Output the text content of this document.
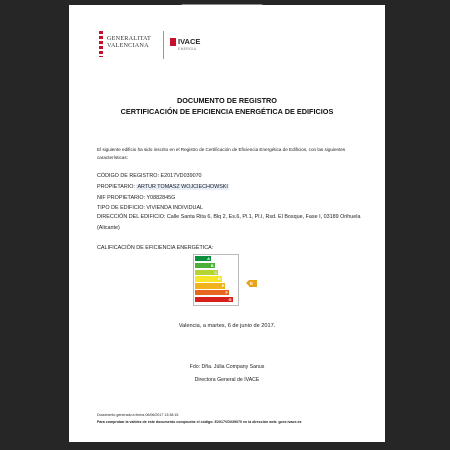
GENERALITAT
VALENCIANA	IVACE
ENERGIA
DOCUMENTO DE REGISTRO
CERTIFICACIÓN DE EFICIENCIA ENERGÉTICA DE EDIFICIOS
El siguiente edificio ha sido inscrito en el Registro de Certificación de Eficiencia Energética de Edificios, con las siguientes características:
CÓDIGO DE REGISTRO: E2017VD039070
PROPIETARIO: ARTUR TOMASZ WOJCIECHOWSKI
NIF PROPIETARIO: Y0882845G
TIPO DE EDIFICIO: VIVIENDA INDIVIDUAL
DIRECCIÓN DEL EDIFICIO: Calle Santa Rita 6, Blq 2, Es.6, Pl.1, Pl.I, Rsd. El Bosque, Fase I, 03189 Orihuela (Alicante)
CALIFICACIÓN DE EFICIENCIA ENERGÉTICA:
A
B
C
D
E
F
G
E
Valencia, a martes, 6 de junio de 2017.
Fdo: Dña. Júlia Company Sanus
Directora General de IVACE
Documento generado a fecha 06/06/2017 13:38:15
Para comprobar la validez de este documento compruebe el código: E2017VD039070 en la dirección web: gcee.ivace.es
